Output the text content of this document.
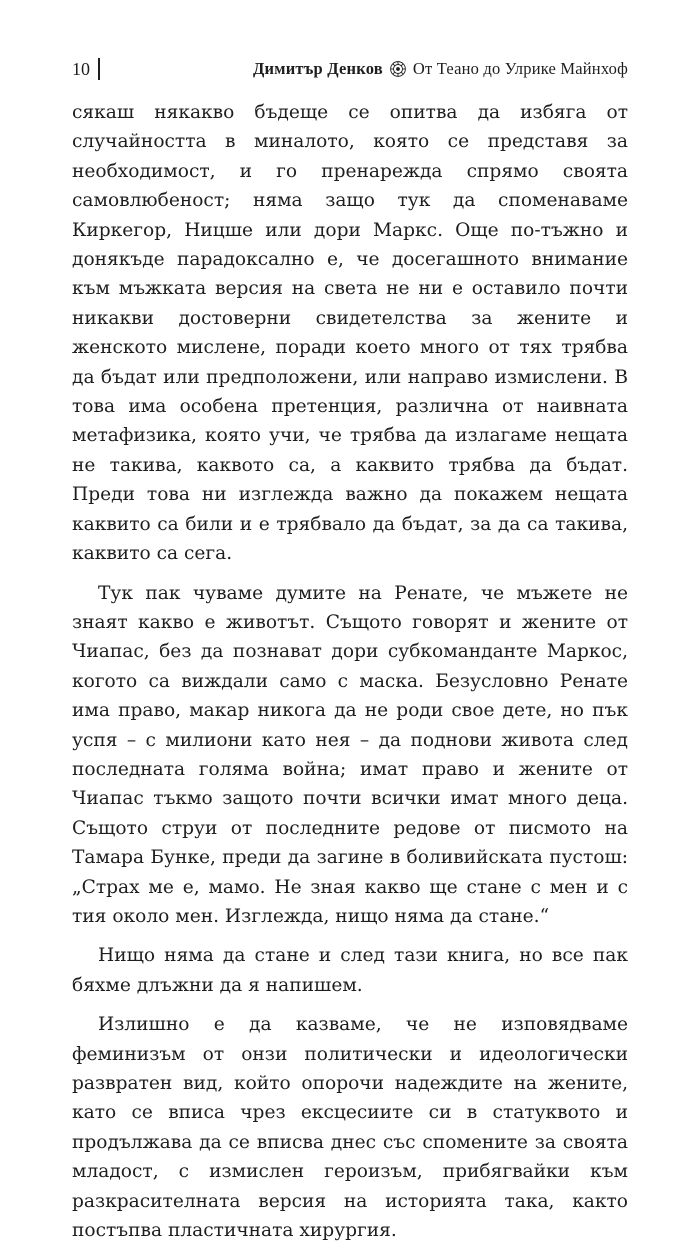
10	Димитър Денков От Теано до Улрике Майнхоф

сякаш някакво бъдеще се опитва да избяга от случайността в миналото, която се представя за необходимост, и го пренарежда спрямо своята самовлюбеност; няма защо тук да споменаваме Киркегор, Ницше или дори Маркс. Още по-тъжно и донякъде парадоксално е, че досегашното внимание към мъжката версия на света не ни е оставило почти никакви достоверни свидетелства за жените и женското мислене, поради което много от тях трябва да бъдат или предположени, или направо измислени. В това има особена претенция, различна от наивната метафизика, която учи, че трябва да излагаме нещата не такива, каквото са, а каквито трябва да бъдат. Преди това ни изглежда важно да покажем нещата каквито са били и е трябвало да бъдат, за да са такива, каквито са сега.

Тук пак чуваме думите на Ренате, че мъжете не знаят какво е животът. Същото говорят и жените от Чиапас, без да познават дори субкоманданте Маркос, когото са виждали само с маска. Безусловно Ренате има право, макар никога да не роди свое дете, но пък успя – с милиони като нея – да поднови живота след последната голяма война; имат право и жените от Чиапас тъкмо защото почти всички имат много деца. Същото струи от последните редове от писмото на Тамара Бунке, преди да загине в боливийската пустош: „Страх ме е, мамо. Не зная какво ще стане с мен и с тия около мен. Изглежда, нищо няма да стане.“

Нищо няма да стане и след тази книга, но все пак бяхме длъжни да я напишем.

Излишно е да казваме, че не изповядваме феминизъм от онзи политически и идеологически развратен вид, който опорочи надеждите на жените, като се вписа чрез ексцесиите си в статуквото и продължава да се вписва днес със спомените за своята младост, с измислен героизъм, прибягвайки към разкрасителната версия на историята така, както постъпва пластичната хирургия.
